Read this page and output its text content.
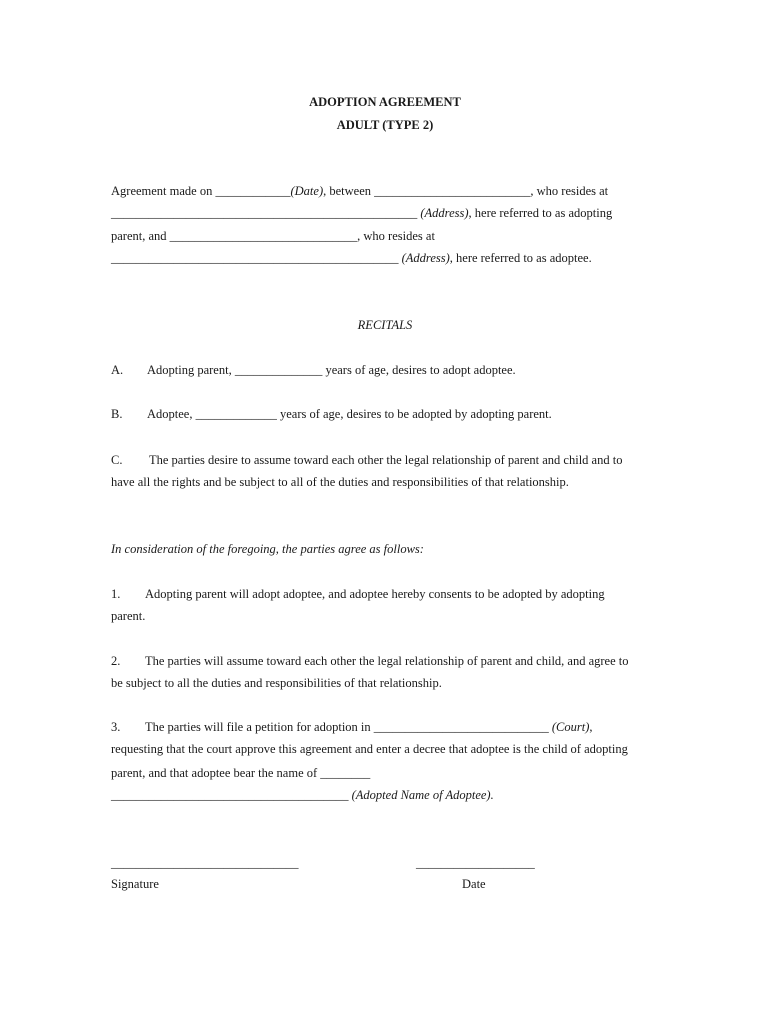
ADOPTION AGREEMENT
ADULT (TYPE 2)
Agreement made on ____________(Date), between _________________________, who resides at
_________________________________________________ (Address), here referred to as adopting
parent, and ______________________________, who resides at
______________________________________________ (Address), here referred to as adoptee.
RECITALS
A. Adopting parent, ______________ years of age, desires to adopt adoptee.
B. Adoptee, _____________ years of age, desires to be adopted by adopting parent.
C. The parties desire to assume toward each other the legal relationship of parent and child and to
have all the rights and be subject to all of the duties and responsibilities of that relationship.
In consideration of the foregoing, the parties agree as follows:
1. Adopting parent will adopt adoptee, and adoptee hereby consents to be adopted by adopting
parent.
2. The parties will assume toward each other the legal relationship of parent and child, and agree to
be subject to all the duties and responsibilities of that relationship.
3. The parties will file a petition for adoption in ____________________________ (Court),
requesting that the court approve this agreement and enter a decree that adoptee is the child of adopting
parent, and that adoptee bear the name of ________
______________________________________ (Adopted Name of Adoptee).
______________________________	___________________
Signature	Date
